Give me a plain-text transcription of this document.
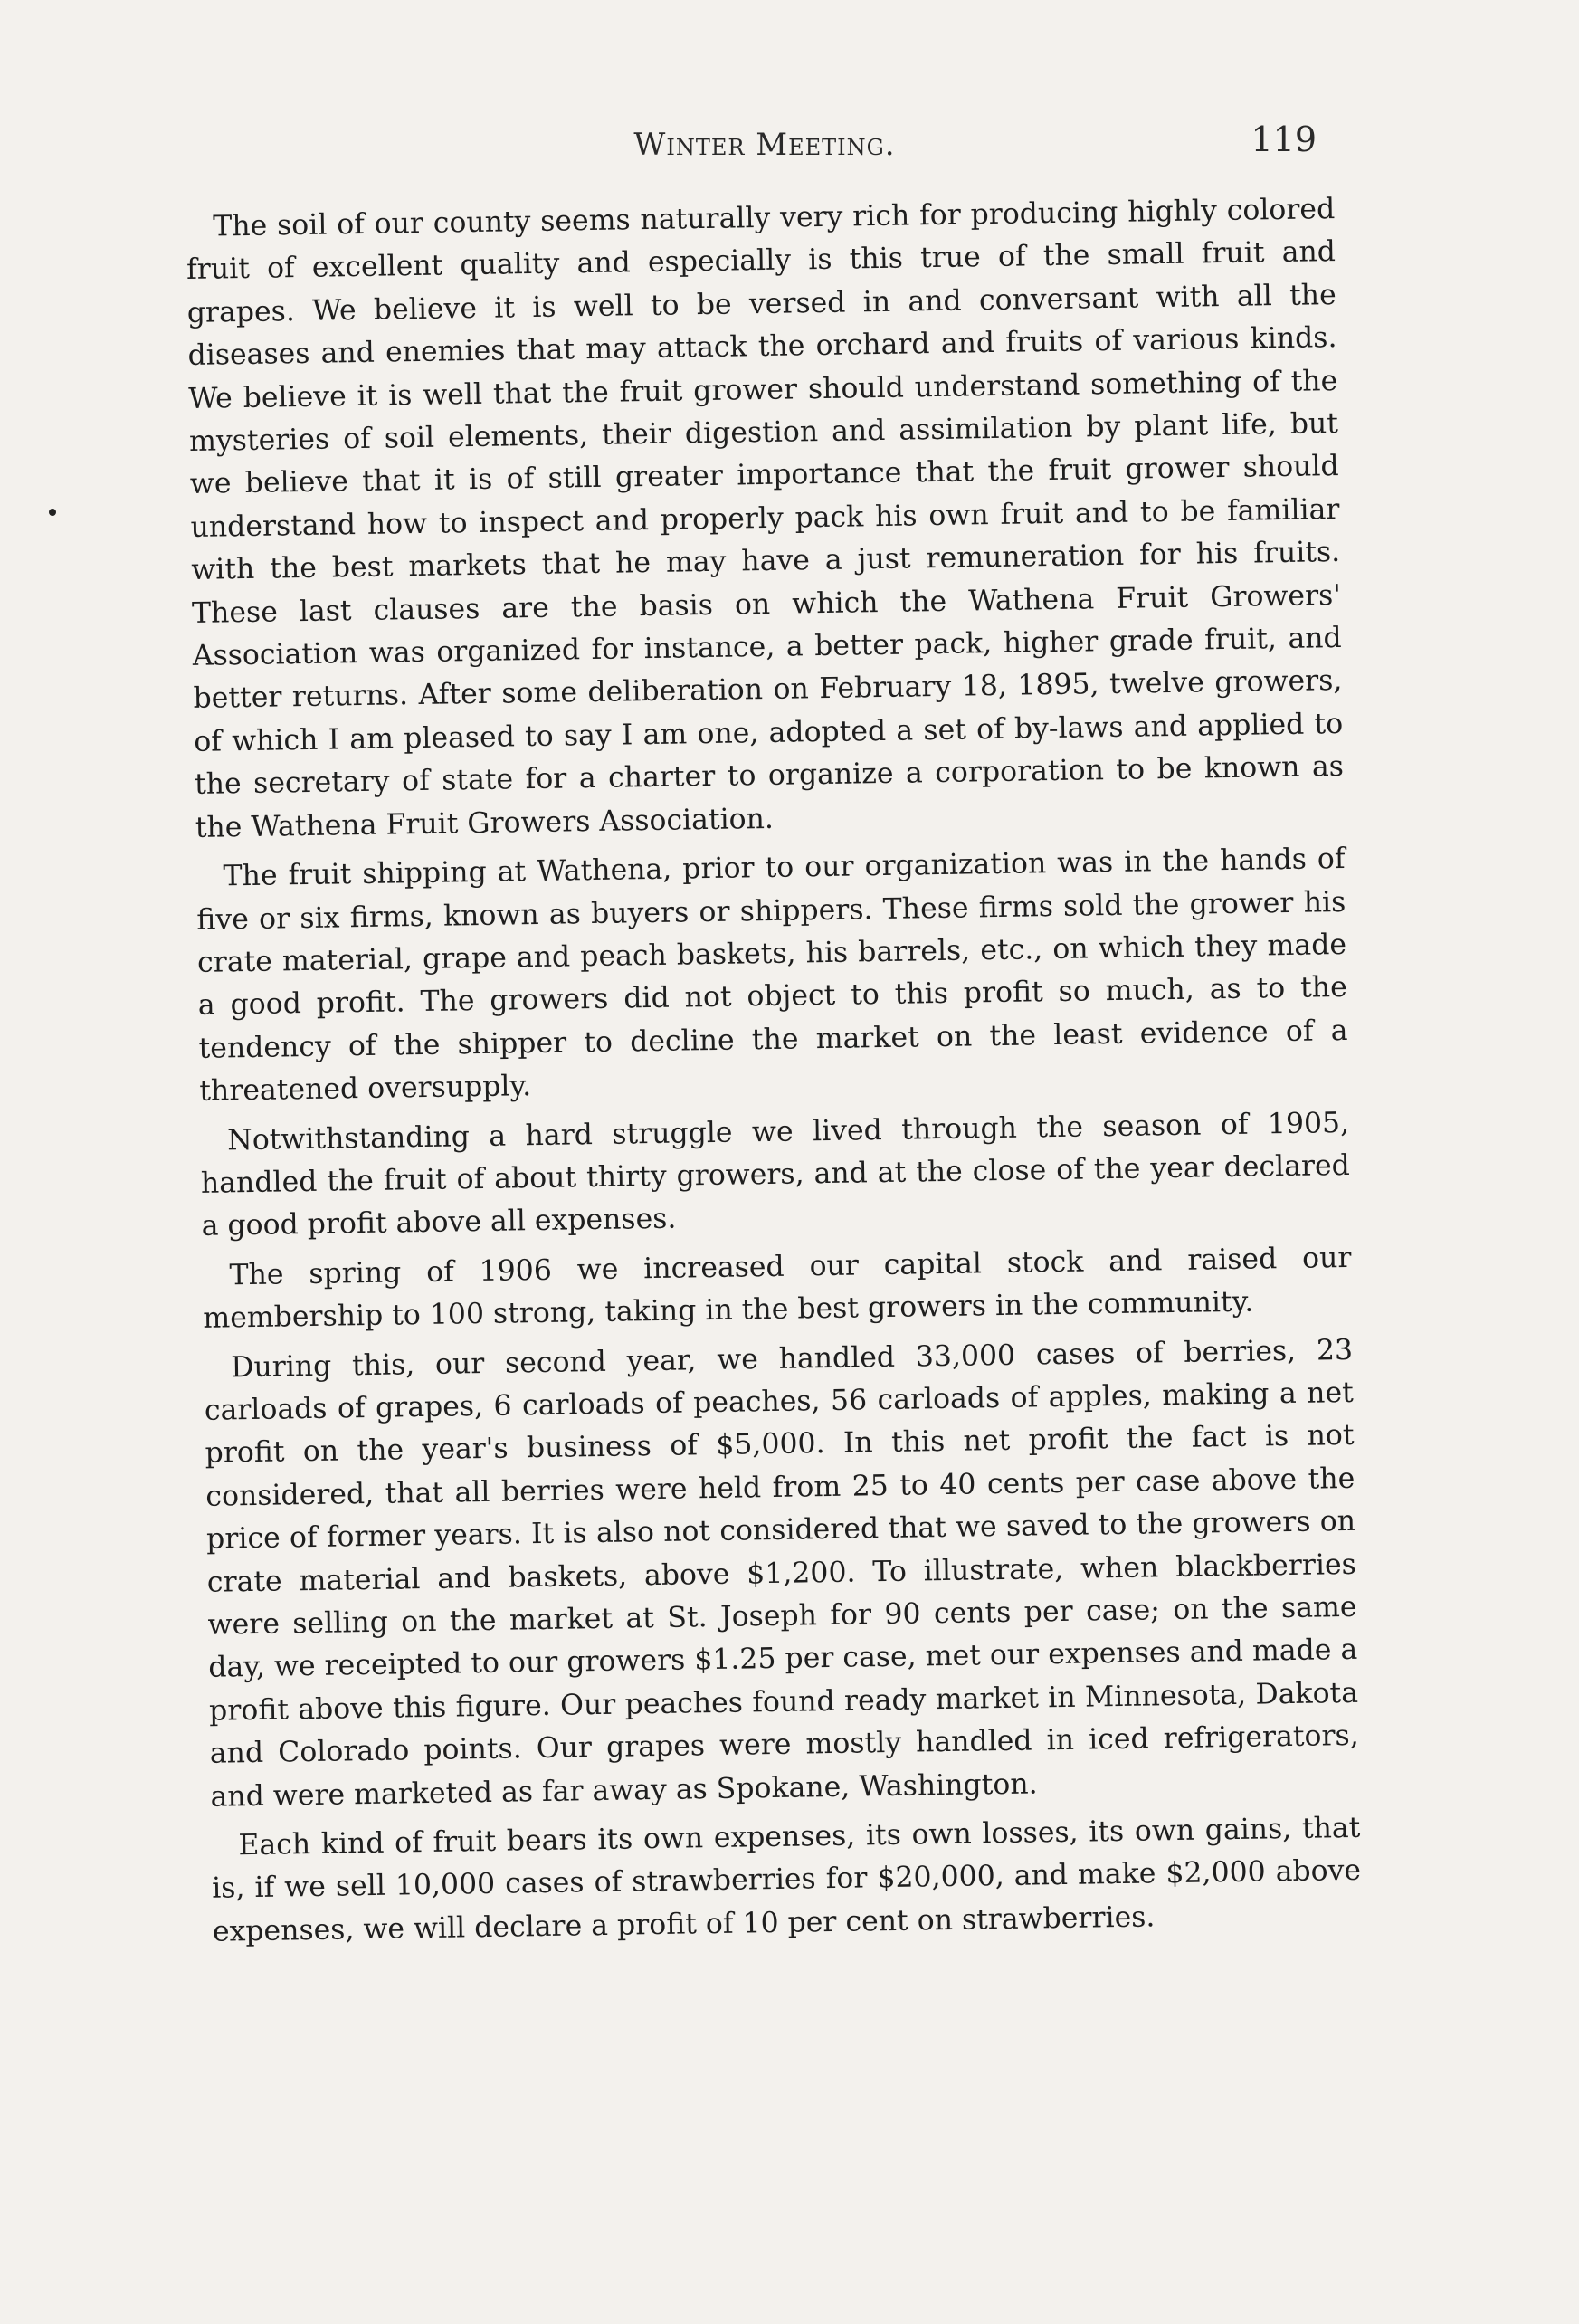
Winter Meeting.	119

The soil of our county seems naturally very rich for producing highly colored fruit of excellent quality and especially is this true of the small fruit and grapes. We believe it is well to be versed in and conversant with all the diseases and enemies that may attack the orchard and fruits of various kinds. We believe it is well that the fruit grower should understand something of the mysteries of soil elements, their digestion and assimilation by plant life, but we believe that it is of still greater importance that the fruit grower should understand how to inspect and properly pack his own fruit and to be familiar with the best markets that he may have a just remuneration for his fruits. These last clauses are the basis on which the Wathena Fruit Growers' Association was organized for instance, a better pack, higher grade fruit, and better returns. After some deliberation on February 18, 1895, twelve growers, of which I am pleased to say I am one, adopted a set of by-laws and applied to the secretary of state for a charter to organize a corporation to be known as the Wathena Fruit Growers Association.

The fruit shipping at Wathena, prior to our organization was in the hands of five or six firms, known as buyers or shippers. These firms sold the grower his crate material, grape and peach baskets, his barrels, etc., on which they made a good profit. The growers did not object to this profit so much, as to the tendency of the shipper to decline the market on the least evidence of a threatened oversupply.

Notwithstanding a hard struggle we lived through the season of 1905, handled the fruit of about thirty growers, and at the close of the year declared a good profit above all expenses.

The spring of 1906 we increased our capital stock and raised our membership to 100 strong, taking in the best growers in the community.

During this, our second year, we handled 33,000 cases of berries, 23 carloads of grapes, 6 carloads of peaches, 56 carloads of apples, making a net profit on the year's business of $5,000. In this net profit the fact is not considered, that all berries were held from 25 to 40 cents per case above the price of former years. It is also not considered that we saved to the growers on crate material and baskets, above $1,200. To illustrate, when blackberries were selling on the market at St. Joseph for 90 cents per case; on the same day, we receipted to our growers $1.25 per case, met our expenses and made a profit above this figure. Our peaches found ready market in Minnesota, Dakota and Colorado points. Our grapes were mostly handled in iced refrigerators, and were marketed as far away as Spokane, Washington.

Each kind of fruit bears its own expenses, its own losses, its own gains, that is, if we sell 10,000 cases of strawberries for $20,000, and make $2,000 above expenses, we will declare a profit of 10 per cent on strawberries.
